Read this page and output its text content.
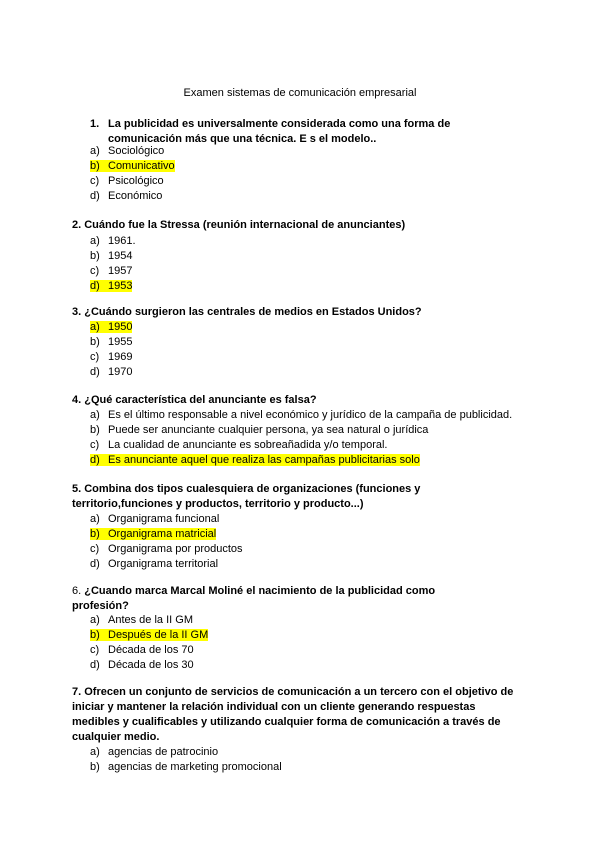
Examen sistemas de comunicación empresarial
1. La publicidad es universalmente considerada como una forma de
comunicación más que una técnica. E s el modelo..
a) Sociológico
b) Comunicativo
c) Psicológico
d) Económico
2. Cuándo fue la Stressa (reunión internacional de anunciantes)
a) 1961.
b) 1954
c) 1957
d) 1953
3. ¿Cuándo surgieron las centrales de medios en Estados Unidos?
a) 1950
b) 1955
c) 1969
d) 1970
4. ¿Qué característica del anunciante es falsa?
a) Es el último responsable a nivel económico y jurídico de la campaña de publicidad.
b) Puede ser anunciante cualquier persona, ya sea natural o jurídica
c) La cualidad de anunciante es sobreañadida y/o temporal.
d) Es anunciante aquel que realiza las campañas publicitarias solo
5. Combina dos tipos cualesquiera de organizaciones (funciones y
territorio,funciones y productos, territorio y producto...)
a) Organigrama funcional
b) Organigrama matricial
c) Organigrama por productos
d) Organigrama territorial
6. ¿Cuando marca Marcal Moliné el nacimiento de la publicidad como
profesión?
a) Antes de la II GM
b) Después de la II GM
c) Década de los 70
d) Década de los 30
7. Ofrecen un conjunto de servicios de comunicación a un tercero con el objetivo de
iniciar y mantener la relación individual con un cliente generando respuestas
medibles y cualificables y utilizando cualquier forma de comunicación a través de
cualquier medio.
a) agencias de patrocinio
b) agencias de marketing promocional
